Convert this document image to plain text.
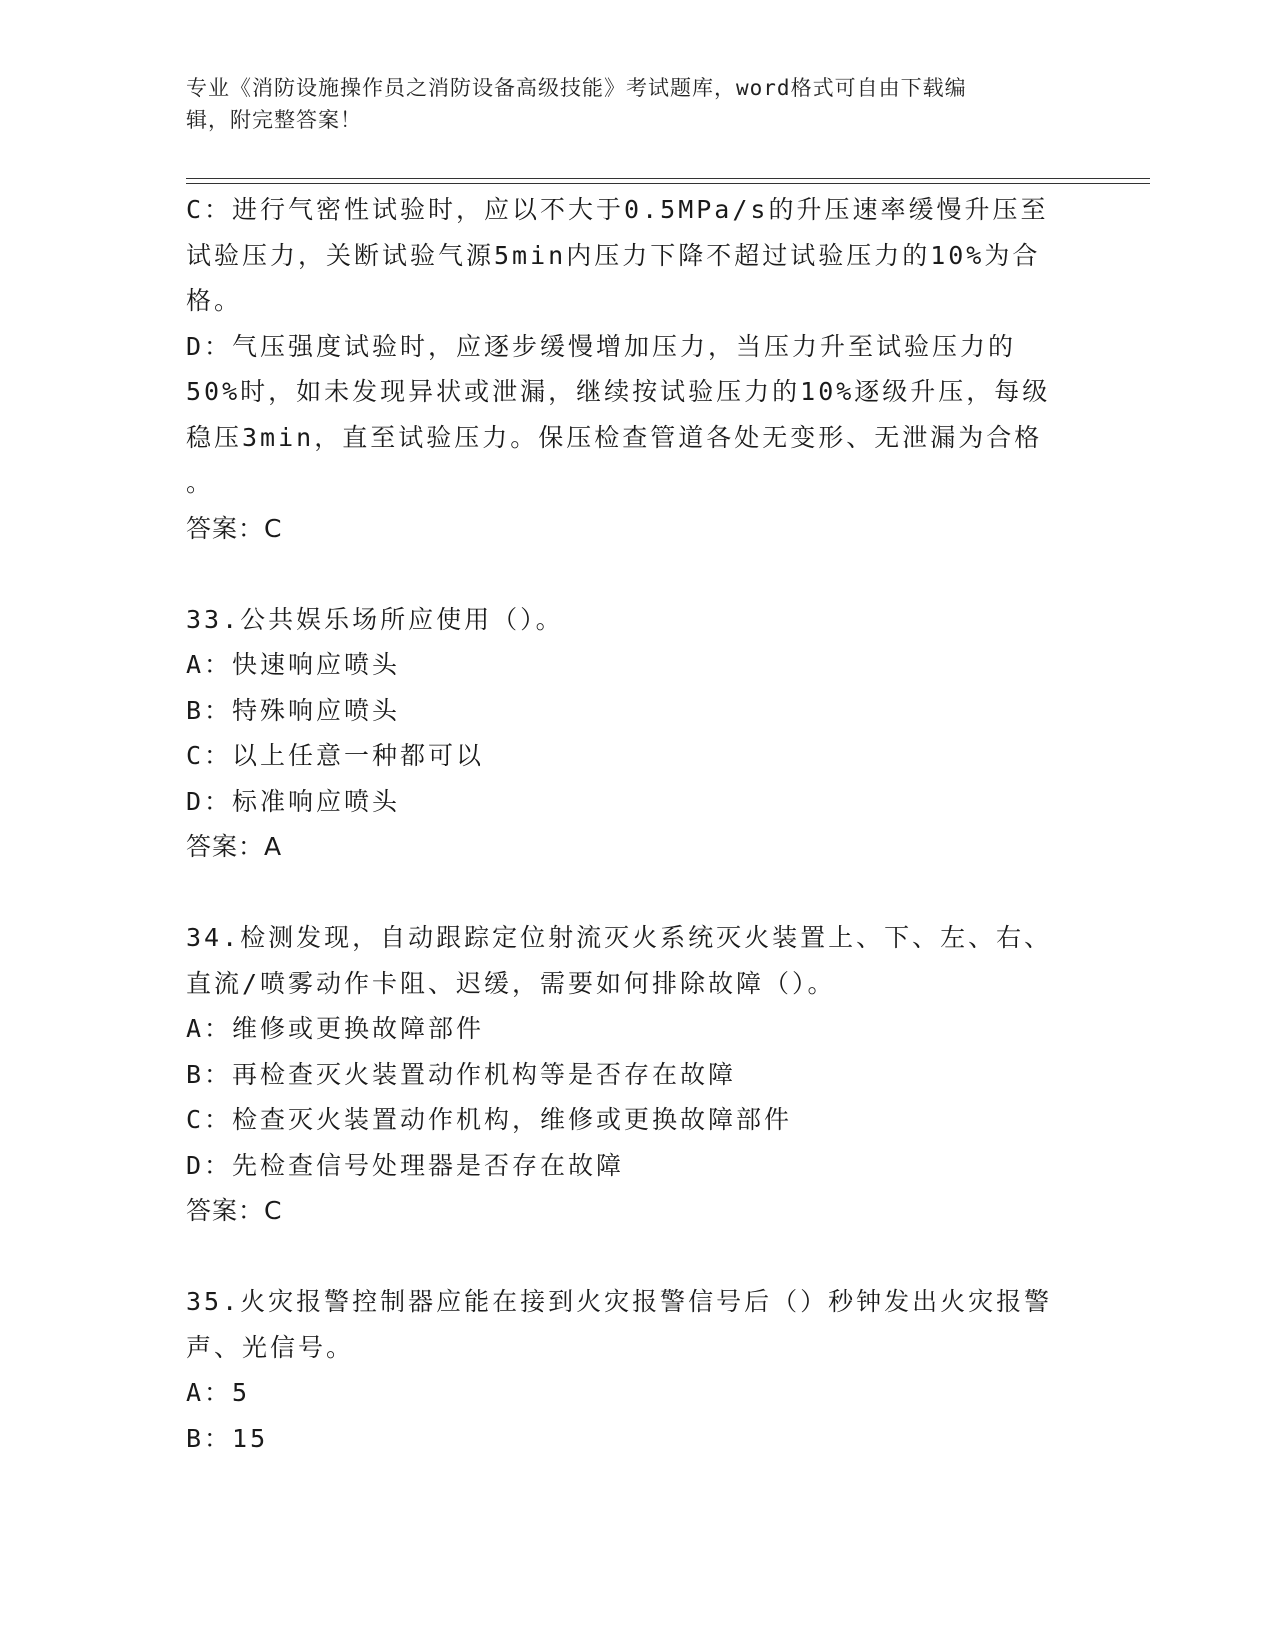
专业《消防设施操作员之消防设备高级技能》考试题库，word格式可自由下载编
辑，附完整答案！
C：进行气密性试验时，应以不大于0.5MPa/s的升压速率缓慢升压至
试验压力，关断试验气源5min内压力下降不超过试验压力的10%为合
格。
D：气压强度试验时，应逐步缓慢增加压力，当压力升至试验压力的
50%时，如未发现异状或泄漏，继续按试验压力的10%逐级升压，每级
稳压3min，直至试验压力。保压检查管道各处无变形、无泄漏为合格
。
答案：C
33.公共娱乐场所应使用（）。
A：快速响应喷头
B：特殊响应喷头
C：以上任意一种都可以
D：标准响应喷头
答案：A
34.检测发现，自动跟踪定位射流灭火系统灭火装置上、下、左、右、
直流/喷雾动作卡阻、迟缓，需要如何排除故障（）。
A：维修或更换故障部件
B：再检查灭火装置动作机构等是否存在故障
C：检查灭火装置动作机构，维修或更换故障部件
D：先检查信号处理器是否存在故障
答案：C
35.火灾报警控制器应能在接到火灾报警信号后（）秒钟发出火灾报警
声、光信号。
A：5
B：15
